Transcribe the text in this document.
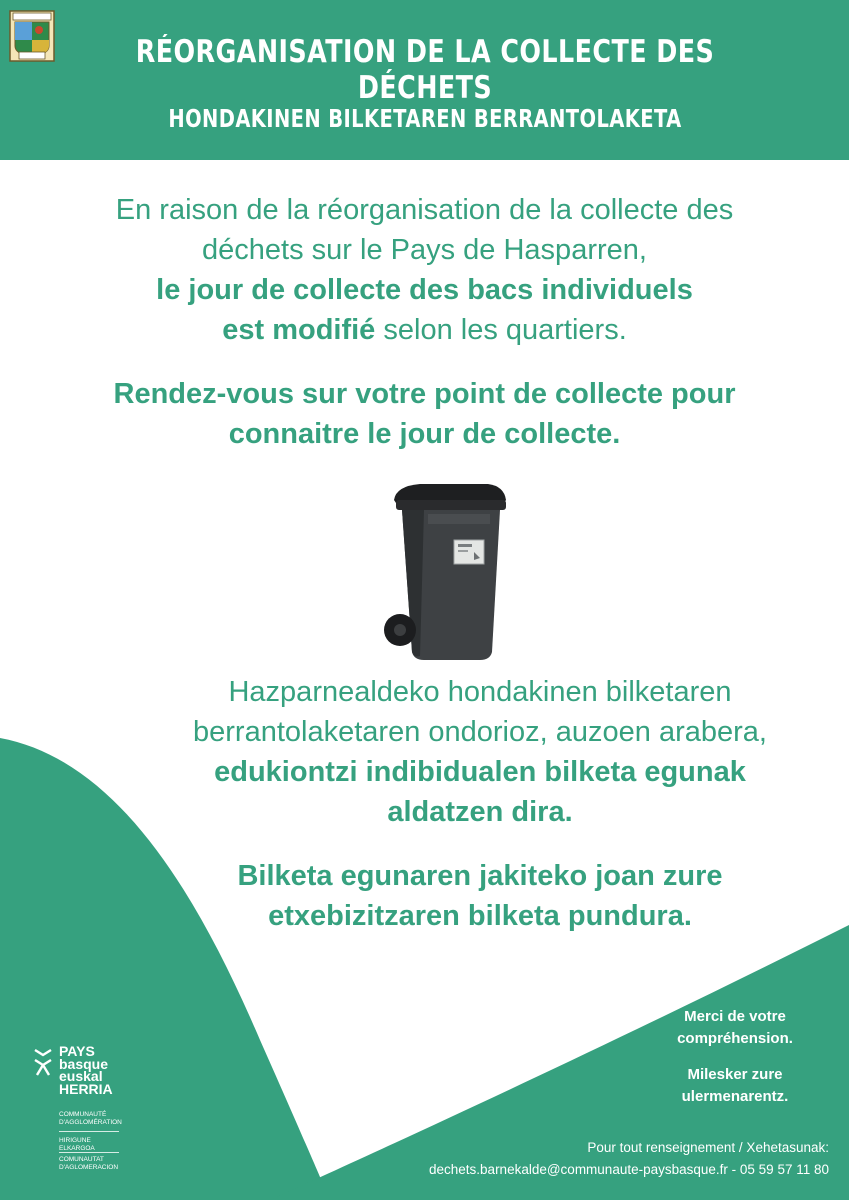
RÉORGANISATION DE LA COLLECTE DES DÉCHETS
HONDAKINEN BILKETAREN BERRANTOLAKETA
En raison de la réorganisation de la collecte des
déchets sur le Pays de Hasparren,
le jour de collecte des bacs individuels
est modifié selon les quartiers.
Rendez-vous sur votre point de collecte pour
connaitre le jour de collecte.
Hazparnealdeko hondakinen bilketaren
berrantolaketaren ondorioz, auzoen arabera,
edukiontzi indibidualen bilketa egunak
aldatzen dira.
Bilketa egunaren jakiteko joan zure
etxebizitzaren bilketa pundura.
Merci de votre
compréhension.
Milesker zure
ulermenarentz.
Pour tout renseignement / Xehetasunak:
dechets.barnekalde@communaute-paysbasque.fr - 05 59 57 11 80
PAYS
basque
euskal
HERRIA
COMMUNAUTÉ
D'AGGLOMÉRATION
HIRIGUNE
ELKARGOA
COMUNAUTAT
D'AGLOMERACION
